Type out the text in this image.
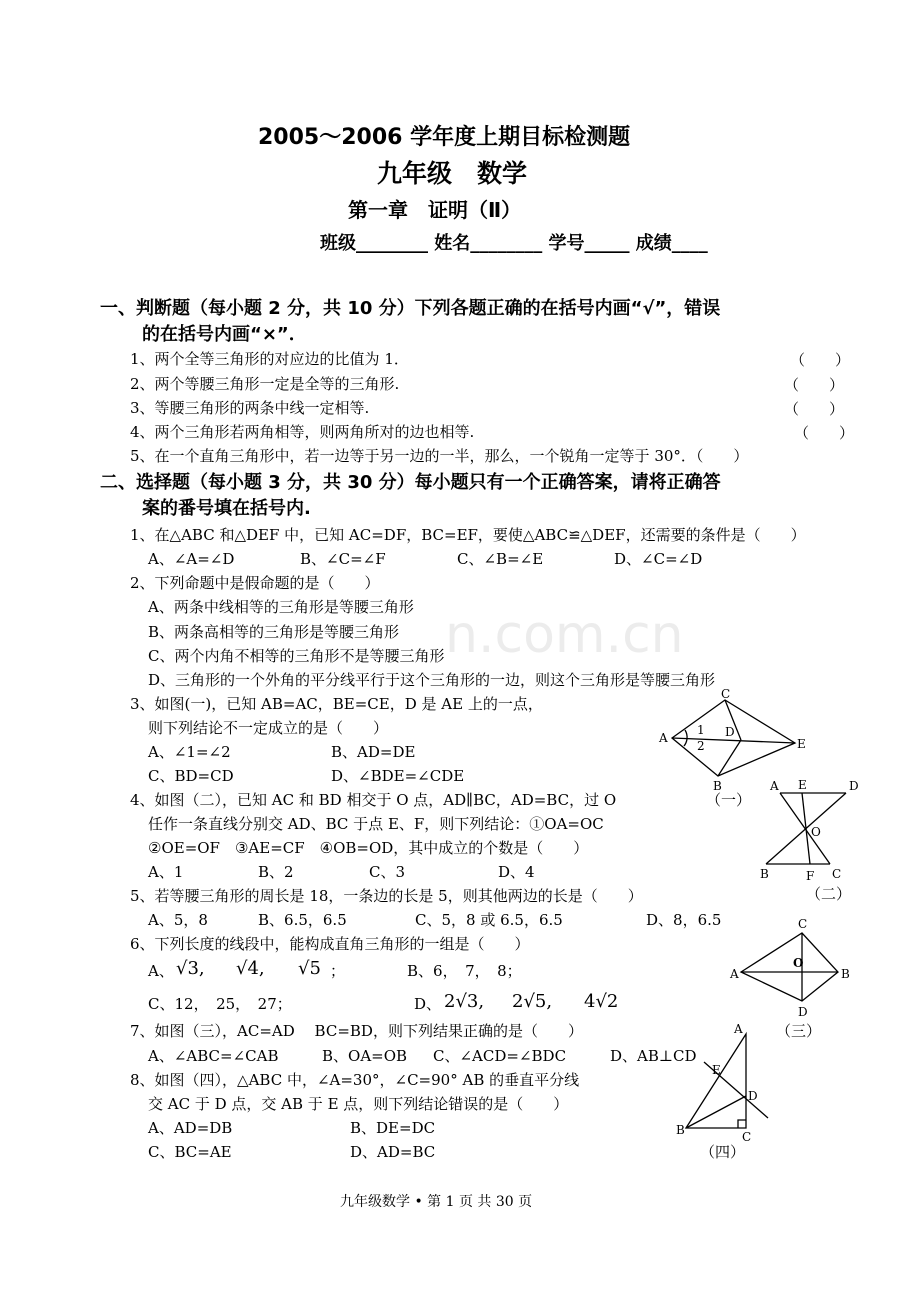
2005～2006 学年度上期目标检测题
九年级　数学
第一章　证明（Ⅱ）
班级________ 姓名________ 学号_____ 成绩____
一、判断题（每小题 2 分，共 10 分）下列各题正确的在括号内画“√”，错误
的在括号内画“×”．
1、两个全等三角形的对应边的比值为 1．	（　　）
2、两个等腰三角形一定是全等的三角形.	（　　）
3、等腰三角形的两条中线一定相等.	（　　）
4、两个三角形若两角相等，则两角所对的边也相等.	（　　）
5、在一个直角三角形中，若一边等于另一边的一半，那么，一个锐角一定等于 30°．（　　）
二、选择题（每小题 3 分，共 30 分）每小题只有一个正确答案，请将正确答
案的番号填在括号内.
1、在△ABC 和△DEF 中，已知 AC=DF，BC=EF，要使△ABC≌△DEF，还需要的条件是（　　）
A、∠A=∠D	B、∠C=∠F	C、∠B=∠E	D、∠C=∠D
2、下列命题中是假命题的是（　　）
A、两条中线相等的三角形是等腰三角形
B、两条高相等的三角形是等腰三角形
C、两个内角不相等的三角形不是等腰三角形
D、三角形的一个外角的平分线平行于这个三角形的一边，则这个三角形是等腰三角形
n.com.cn
3、如图(一)，已知 AB=AC，BE=CE，D 是 AE 上的一点，
则下列结论不一定成立的是（　　）
A、∠1=∠2	B、AD=DE
C、BD=CD	D、∠BDE=∠CDE
4、如图（二），已知 AC 和 BD 相交于 O 点，AD∥BC，AD=BC，过 O
任作一条直线分别交 AD、BC 于点 E、F，则下列结论：①OA=OC
②OE=OF　③AE=CF　④OB=OD，其中成立的个数是（　　）
A、1	B、2	C、3	D、4
5、若等腰三角形的周长是 18，一条边的长是 5，则其他两边的长是（　　）
A、5，8	B、6.5，6.5	C、5，8 或 6.5，6.5	D、8，6.5
6、下列长度的线段中，能构成直角三角形的一组是（　　）
A、 √3, √4, √5 ；	B、6，　7，　8；
C、12，　25，　27；	D、 2√3, 2√5, 4√2
7、如图（三），AC=AD　 BC=BD，则下列结果正确的是（　　）
A、∠ABC=∠CAB	B、OA=OB C、∠ACD=∠BDC	D、AB⊥CD
8、如图（四），△ABC 中，∠A=30°，∠C=90° AB 的垂直平分线
交 AC 于 D 点，交 AB 于 E 点，则下列结论错误的是（　　）
A、AD=DB	B、DE=DC
C、BC=AE	D、AD=BC
A
B
C
D
E
1
2
（一）
A E	D
O
B	F C
（二）
C
A
O
B
D
（三）
A
E
D
B	C
（四）
九年级数学 • 第 1 页 共 30 页
